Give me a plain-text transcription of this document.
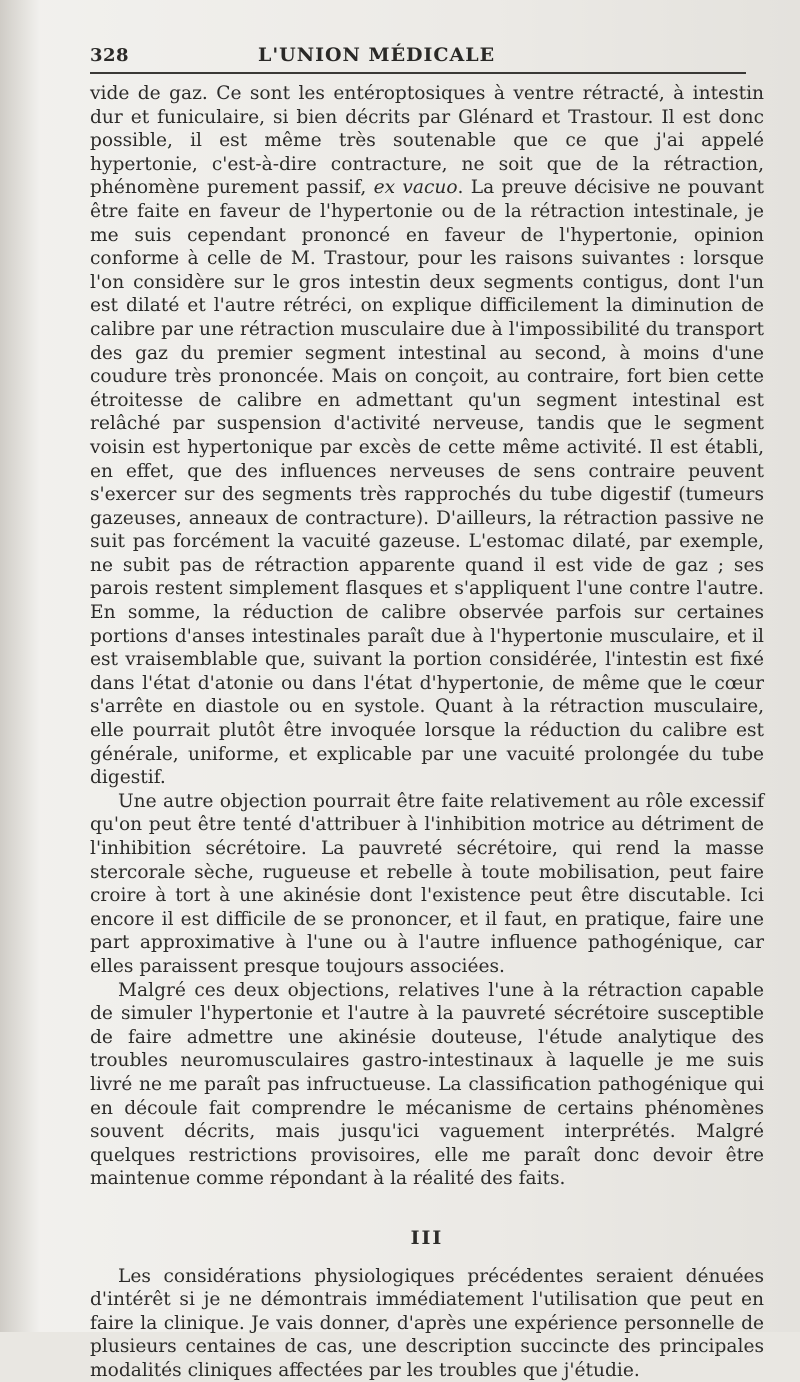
328	L'UNION MÉDICALE

vide de gaz. Ce sont les entéroptosiques à ventre rétracté, à intestin dur et funiculaire, si bien décrits par Glénard et Trastour. Il est donc possible, il est même très soutenable que ce que j'ai appelé hypertonie, c'est-à-dire contracture, ne soit que de la rétraction, phénomène purement passif, ex vacuo. La preuve décisive ne pouvant être faite en faveur de l'hypertonie ou de la rétraction intestinale, je me suis cependant prononcé en faveur de l'hypertonie, opinion conforme à celle de M. Trastour, pour les raisons suivantes : lorsque l'on considère sur le gros intestin deux segments contigus, dont l'un est dilaté et l'autre rétréci, on explique difficilement la diminution de calibre par une rétraction musculaire due à l'impossibilité du transport des gaz du premier segment intestinal au second, à moins d'une coudure très prononcée. Mais on conçoit, au contraire, fort bien cette étroitesse de calibre en admettant qu'un segment intestinal est relâché par suspension d'activité nerveuse, tandis que le segment voisin est hypertonique par excès de cette même activité. Il est établi, en effet, que des influences nerveuses de sens contraire peuvent s'exercer sur des segments très rapprochés du tube digestif (tumeurs gazeuses, anneaux de contracture). D'ailleurs, la rétraction passive ne suit pas forcément la vacuité gazeuse. L'estomac dilaté, par exemple, ne subit pas de rétraction apparente quand il est vide de gaz ; ses parois restent simplement flasques et s'appliquent l'une contre l'autre. En somme, la réduction de calibre observée parfois sur certaines portions d'anses intestinales paraît due à l'hypertonie musculaire, et il est vraisemblable que, suivant la portion considérée, l'intestin est fixé dans l'état d'atonie ou dans l'état d'hypertonie, de même que le cœur s'arrête en diastole ou en systole. Quant à la rétraction musculaire, elle pourrait plutôt être invoquée lorsque la réduction du calibre est générale, uniforme, et explicable par une vacuité prolongée du tube digestif.

Une autre objection pourrait être faite relativement au rôle excessif qu'on peut être tenté d'attribuer à l'inhibition motrice au détriment de l'inhibition sécrétoire. La pauvreté sécrétoire, qui rend la masse stercorale sèche, rugueuse et rebelle à toute mobilisation, peut faire croire à tort à une akinésie dont l'existence peut être discutable. Ici encore il est difficile de se prononcer, et il faut, en pratique, faire une part approximative à l'une ou à l'autre influence pathogénique, car elles paraissent presque toujours associées.

Malgré ces deux objections, relatives l'une à la rétraction capable de simuler l'hypertonie et l'autre à la pauvreté sécrétoire susceptible de faire admettre une akinésie douteuse, l'étude analytique des troubles neuromusculaires gastro-intestinaux à laquelle je me suis livré ne me paraît pas infructueuse. La classification pathogénique qui en découle fait comprendre le mécanisme de certains phénomènes souvent décrits, mais jusqu'ici vaguement interprétés. Malgré quelques restrictions provisoires, elle me paraît donc devoir être maintenue comme répondant à la réalité des faits.

III

Les considérations physiologiques précédentes seraient dénuées d'intérêt si je ne démontrais immédiatement l'utilisation que peut en faire la clinique. Je vais donner, d'après une expérience personnelle de plusieurs centaines de cas, une description succincte des principales modalités cliniques affectées par les troubles que j'étudie.
